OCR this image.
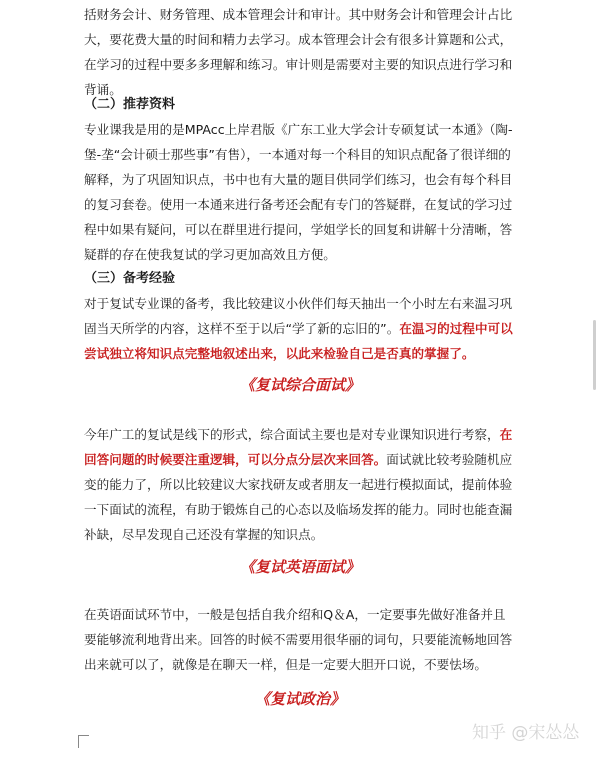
括财务会计、财务管理、成本管理会计和审计。其中财务会计和管理会计占比大，要花费大量的时间和精力去学习。成本管理会计会有很多计算题和公式，在学习的过程中要多多理解和练习。审计则是需要对主要的知识点进行学习和背诵。

（二）推荐资料

专业课我是用的是MPAcc上岸君版《广东工业大学会计专硕复试一本通》（陶-堡-垄“会计硕士那些事”有售），一本通对每一个科目的知识点配备了很详细的解释，为了巩固知识点，书中也有大量的题目供同学们练习，也会有每个科目的复习套卷。使用一本通来进行备考还会配有专门的答疑群，在复试的学习过程中如果有疑问，可以在群里进行提问，学姐学长的回复和讲解十分清晰，答疑群的存在使我复试的学习更加高效且方便。

（三）备考经验

对于复试专业课的备考，我比较建议小伙伴们每天抽出一个小时左右来温习巩固当天所学的内容，这样不至于以后“学了新的忘旧的”。在温习的过程中可以尝试独立将知识点完整地叙述出来，以此来检验自己是否真的掌握了。

《复试综合面试》

今年广工的复试是线下的形式，综合面试主要也是对专业课知识进行考察，在回答问题的时候要注重逻辑，可以分点分层次来回答。面试就比较考验随机应变的能力了，所以比较建议大家找研友或者朋友一起进行模拟面试，提前体验一下面试的流程，有助于锻炼自己的心态以及临场发挥的能力。同时也能查漏补缺，尽早发现自己还没有掌握的知识点。

《复试英语面试》

在英语面试环节中，一般是包括自我介绍和Q＆A，一定要事先做好准备并且要能够流利地背出来。回答的时候不需要用很华丽的词句，只要能流畅地回答出来就可以了，就像是在聊天一样，但是一定要大胆开口说，不要怯场。

《复试政治》

知乎 @宋怂怂
